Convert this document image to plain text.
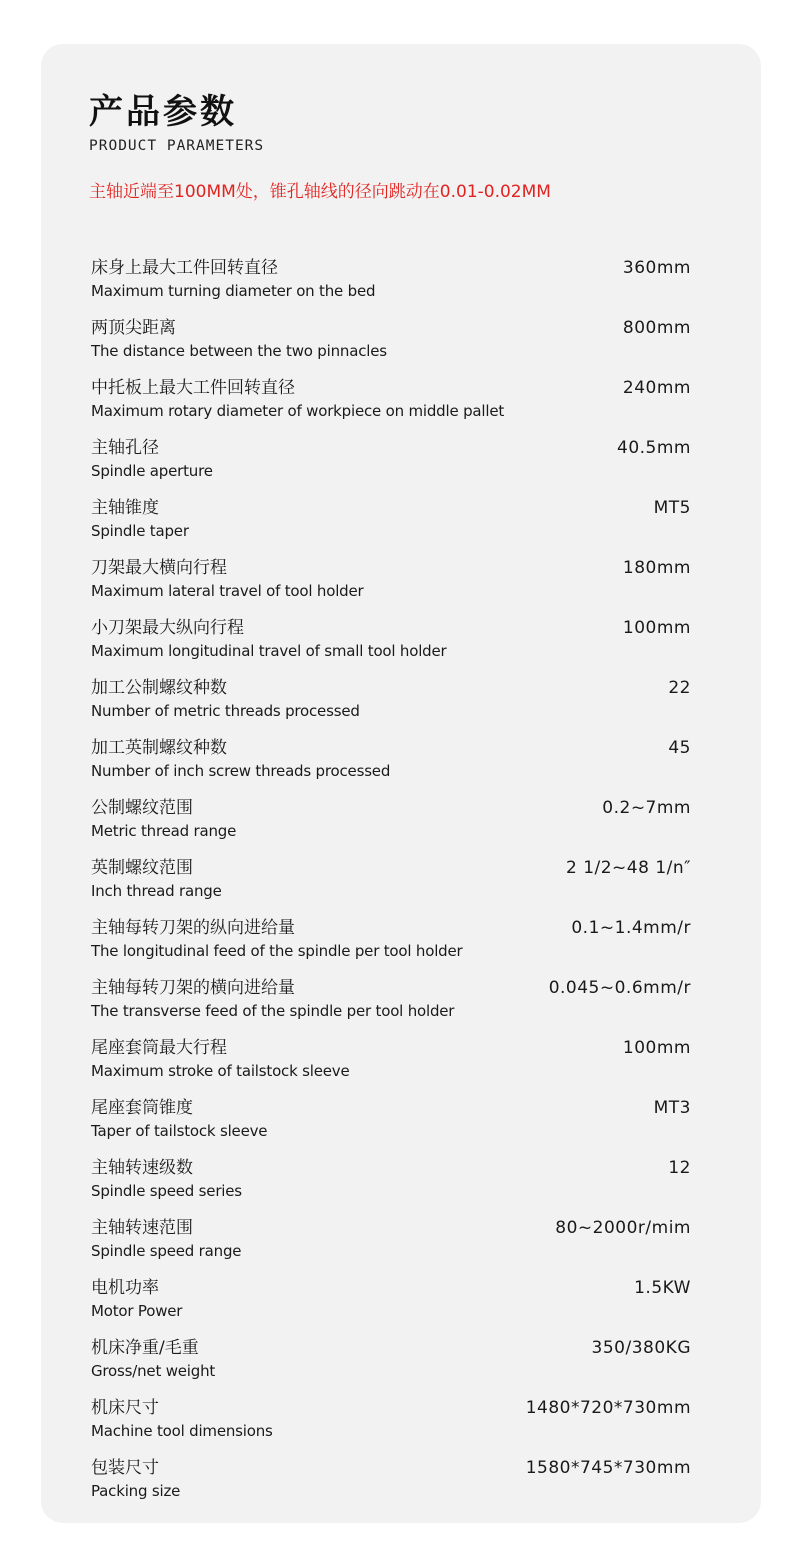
产品参数
PRODUCT PARAMETERS
主轴近端至100MM处，锥孔轴线的径向跳动在0.01-0.02MM
床身上最大工件回转直径
Maximum turning diameter on the bed
360mm
两顶尖距离
The distance between the two pinnacles
800mm
中托板上最大工件回转直径
Maximum rotary diameter of workpiece on middle pallet
240mm
主轴孔径
Spindle aperture
40.5mm
主轴锥度
Spindle taper
MT5
刀架最大横向行程
Maximum lateral travel of tool holder
180mm
小刀架最大纵向行程
Maximum longitudinal travel of small tool holder
100mm
加工公制螺纹种数
Number of metric threads processed
22
加工英制螺纹种数
Number of inch screw threads processed
45
公制螺纹范围
Metric thread range
0.2~7mm
英制螺纹范围
Inch thread range
2 1/2~48 1/n″
主轴每转刀架的纵向进给量
The longitudinal feed of the spindle per tool holder
0.1~1.4mm/r
主轴每转刀架的横向进给量
The transverse feed of the spindle per tool holder
0.045~0.6mm/r
尾座套筒最大行程
Maximum stroke of tailstock sleeve
100mm
尾座套筒锥度
Taper of tailstock sleeve
MT3
主轴转速级数
Spindle speed series
12
主轴转速范围
Spindle speed range
80~2000r/mim
电机功率
Motor Power
1.5KW
机床净重/毛重
Gross/net weight
350/380KG
机床尺寸
Machine tool dimensions
1480*720*730mm
包装尺寸
Packing size
1580*745*730mm
